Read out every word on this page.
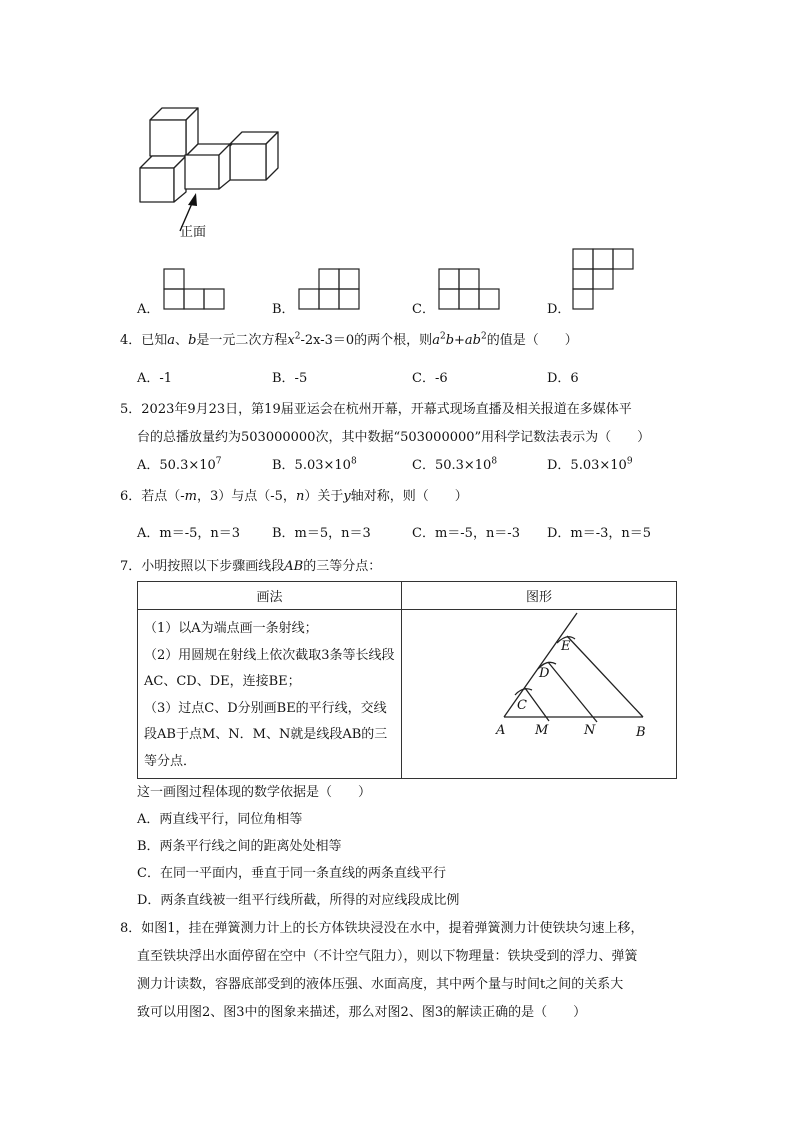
正面
A．	B．	C．	D．
4．已知a、b是一元二次方程$x^2-2x-3=0$的两个根，则$a^2b+ab^2$的值是（　　）
A．-1	B．-5	C．-6	D．6
5．2023年9月23日，第19届亚运会在杭州开幕，开幕式现场直播及相关报道在多媒体平
台的总播放量约为503000000次，其中数据“503000000”用科学记数法表示为（　　）
A．$50.3\times 10^7$	B．$5.03\times 10^8$	C．$50.3\times 10^8$	D．$5.03\times 10^9$
6．若点（-m，3）与点（-5，n）关于y轴对称，则（　　）
A．m＝-5，n＝3 B．m＝5，n＝3	C．m＝-5，n＝-3 D．m＝-3，n＝5
7．小明按照以下步骤画线段AB的三等分点：
画法	图形

（1）以A为端点画一条射线；
（2）用圆规在射线上依次截取3条等长线段AC、CD、DE，连接BE；
（3）过点C、D分别画BE的平行线，交线段AB于点M、N．M、N就是线段AB的三等分点．	

A M	N	B
C
D
E
这一画图过程体现的数学依据是（　　）
A．两直线平行，同位角相等
B．两条平行线之间的距离处处相等
C．在同一平面内，垂直于同一条直线的两条直线平行
D．两条直线被一组平行线所截，所得的对应线段成比例
8．如图1，挂在弹簧测力计上的长方体铁块浸没在水中，提着弹簧测力计使铁块匀速上移，
直至铁块浮出水面停留在空中（不计空气阻力），则以下物理量：铁块受到的浮力、弹簧
测力计读数，容器底部受到的液体压强、水面高度，其中两个量与时间t之间的关系大
致可以用图2、图3中的图象来描述，那么对图2、图3的解读正确的是（　　）
